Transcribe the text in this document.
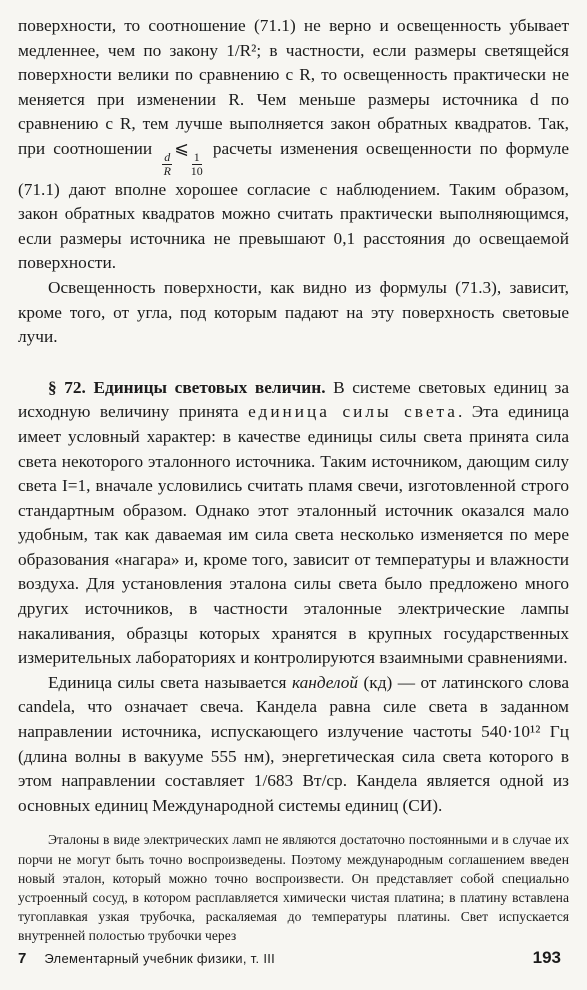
поверхности, то соотношение (71.1) не верно и освещенность убывает медленнее, чем по закону 1/R²; в частности, если размеры светящейся поверхности велики по сравнению с R, то освещенность практически не меняется при изменении R. Чем меньше размеры источника d по сравнению с R, тем лучше выполняется закон обратных квадратов. Так, при соотношении
$\frac{d}{R}$
⩽
$\frac{1}{10}$
расчеты изменения освещенности по формуле (71.1) дают вполне хорошее согласие с наблюдением. Таким образом, закон обратных квадратов можно считать практически выполняющимся, если размеры источника не превышают 0,1 расстояния до освещаемой поверхности.

Освещенность поверхности, как видно из формулы (71.3), зависит, кроме того, от угла, под которым падают на эту поверхность световые лучи.

§ 72. Единицы световых величин. В системе световых единиц за исходную величину принята единица силы света. Эта единица имеет условный характер: в качестве единицы силы света принята сила света некоторого эталонного источника. Таким источником, дающим силу света I=1, вначале условились считать пламя свечи, изготовленной строго стандартным образом. Однако этот эталонный источник оказался мало удобным, так как даваемая им сила света несколько изменяется по мере образования «нагара» и, кроме того, зависит от температуры и влажности воздуха. Для установления эталона силы света было предложено много других источников, в частности эталонные электрические лампы накаливания, образцы которых хранятся в крупных государственных измерительных лабораториях и контролируются взаимными сравнениями.

Единица силы света называется канделой (кд) — от латинского слова candela, что означает свеча. Кандела равна силе света в заданном направлении источника, испускающего излучение частоты 540·10¹² Гц (длина волны в вакууме 555 нм), энергетическая сила света которого в этом направлении составляет 1/683 Вт/ср. Кандела является одной из основных единиц Международной системы единиц (СИ).

Эталоны в виде электрических ламп не являются достаточно постоянными и в случае их порчи не могут быть точно воспроизведены. Поэтому международным соглашением введен новый эталон, который можно точно воспроизвести. Он представляет собой специально устроенный сосуд, в котором расплавляется химически чистая платина; в платину вставлена тугоплавкая узкая трубочка, раскаляемая до температуры платины. Свет испускается внутренней полостью трубочки через

7 Элементарный учебник физики, т. III	193
